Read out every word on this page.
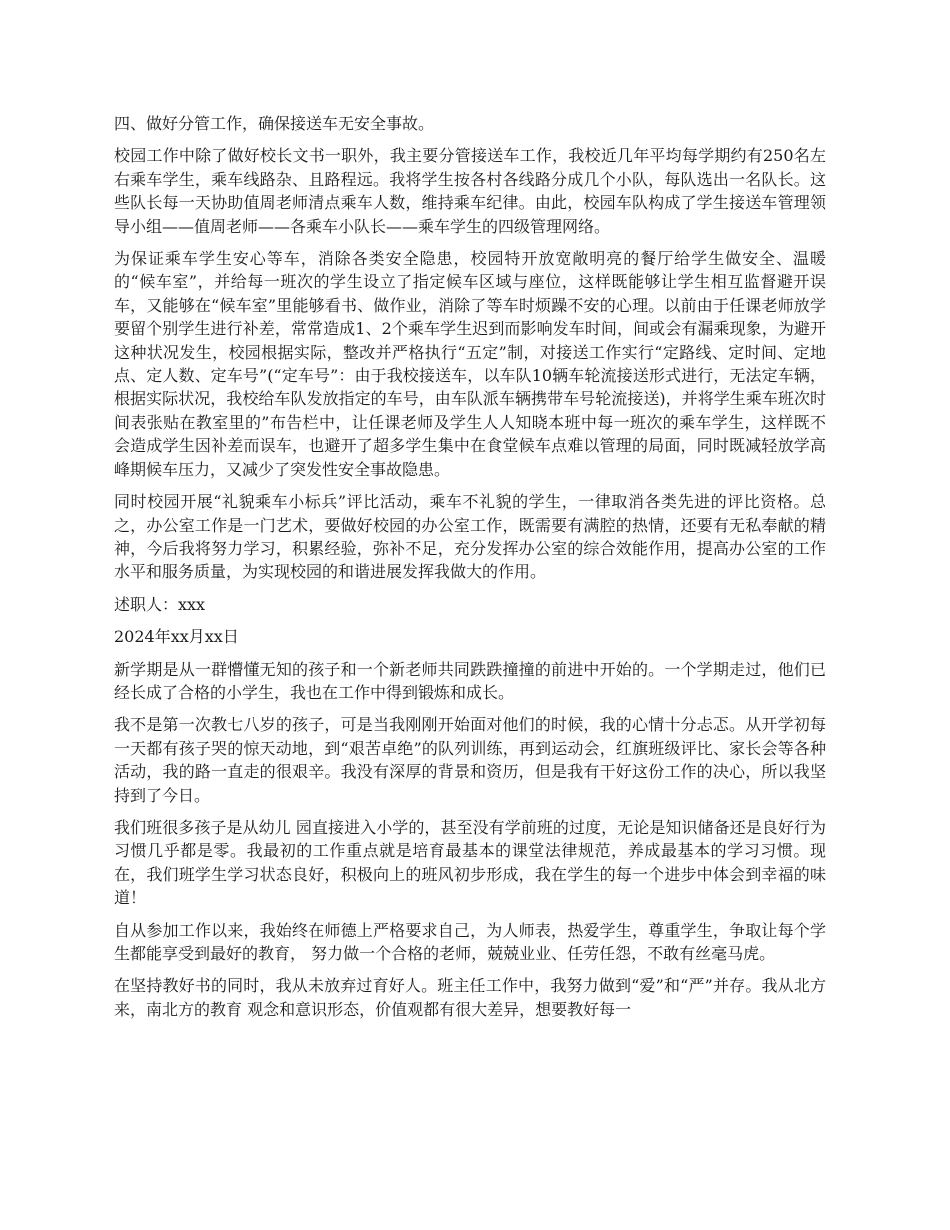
四、做好分管工作，确保接送车无安全事故。

校园工作中除了做好校长文书一职外，我主要分管接送车工作，我校近几年平均每学期约有250名左右乘车学生，乘车线路杂、且路程远。我将学生按各村各线路分成几个小队，每队选出一名队长。这些队长每一天协助值周老师清点乘车人数，维持乘车纪律。由此，校园车队构成了学生接送车管理领导小组——值周老师——各乘车小队长——乘车学生的四级管理网络。

为保证乘车学生安心等车，消除各类安全隐患，校园特开放宽敞明亮的餐厅给学生做安全、温暖的“候车室”，并给每一班次的学生设立了指定候车区域与座位，这样既能够让学生相互监督避开误车，又能够在“候车室”里能够看书、做作业，消除了等车时烦躁不安的心理。以前由于任课老师放学要留个别学生进行补差，常常造成1、2个乘车学生迟到而影响发车时间，间或会有漏乘现象，为避开这种状况发生，校园根据实际，整改并严格执行“五定”制，对接送工作实行“定路线、定时间、定地点、定人数、定车号”(“定车号”：由于我校接送车，以车队10辆车轮流接送形式进行，无法定车辆，根据实际状况，我校给车队发放指定的车号，由车队派车辆携带车号轮流接送)，并将学生乘车班次时间表张贴在教室里的”布告栏中，让任课老师及学生人人知晓本班中每一班次的乘车学生，这样既不会造成学生因补差而误车，也避开了超多学生集中在食堂候车点难以管理的局面，同时既减轻放学高峰期候车压力，又减少了突发性安全事故隐患。

同时校园开展“礼貌乘车小标兵”评比活动，乘车不礼貌的学生，一律取消各类先进的评比资格。总之，办公室工作是一门艺术，要做好校园的办公室工作，既需要有满腔的热情，还要有无私奉献的精神，今后我将努力学习，积累经验，弥补不足，充分发挥办公室的综合效能作用，提高办公室的工作水平和服务质量，为实现校园的和谐进展发挥我做大的作用。

述职人：xxx

2024年xx月xx日

新学期是从一群懵懂无知的孩子和一个新老师共同跌跌撞撞的前进中开始的。一个学期走过，他们已经长成了合格的小学生，我也在工作中得到锻炼和成长。

我不是第一次教七八岁的孩子，可是当我刚刚开始面对他们的时候，我的心情十分忐忑。从开学初每一天都有孩子哭的惊天动地，到“艰苦卓绝”的队列训练，再到运动会，红旗班级评比、家长会等各种活动，我的路一直走的很艰辛。我没有深厚的背景和资历，但是我有干好这份工作的决心，所以我坚持到了今日。

我们班很多孩子是从幼儿 园直接进入小学的，甚至没有学前班的过度，无论是知识储备还是良好行为习惯几乎都是零。我最初的工作重点就是培育最基本的课堂法律规范，养成最基本的学习习惯。现在，我们班学生学习状态良好，积极向上的班风初步形成，我在学生的每一个进步中体会到幸福的味道！

自从参加工作以来，我始终在师德上严格要求自己，为人师表，热爱学生，尊重学生，争取让每个学生都能享受到最好的教育， 努力做一个合格的老师，兢兢业业、任劳任怨，不敢有丝毫马虎。

在坚持教好书的同时，我从未放弃过育好人。班主任工作中，我努力做到“爱”和“严”并存。我从北方来，南北方的教育 观念和意识形态，价值观都有很大差异，想要教好每一
